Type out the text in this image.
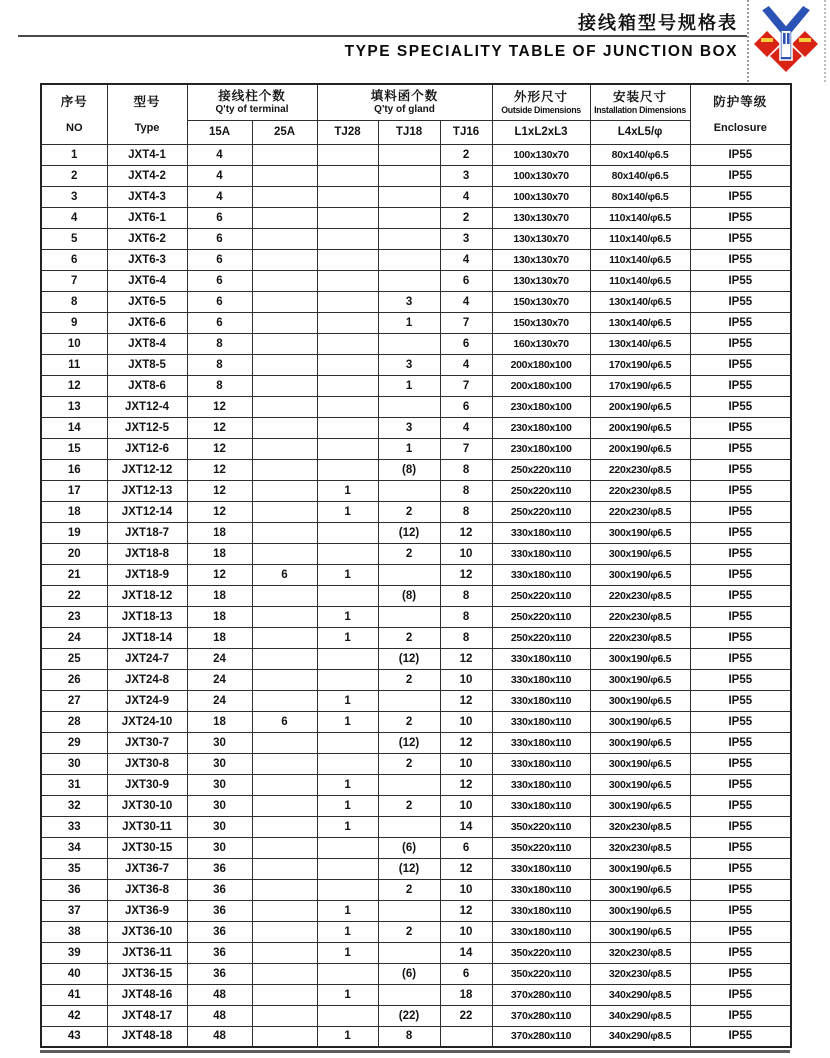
接线箱型号规格表
TYPE SPECIALITY TABLE OF JUNCTION BOX
序号
NO

型号
Type

接线柱个数
Q'ty of terminal

填料函个数
Q'ty of gland

外形尺寸
Outside Dimensions

安装尺寸
Installation Dimensions

防护等级
Enclosure

		15A	25A	TJ28	TJ18	TJ16	L1xL2xL3	L4xL5/φ	
1	JXT4-1	4				2	100x130x70	80x140/φ6.5	IP55
2	JXT4-2	4				3	100x130x70	80x140/φ6.5	IP55
3	JXT4-3	4				4	100x130x70	80x140/φ6.5	IP55
4	JXT6-1	6				2	130x130x70	110x140/φ6.5	IP55
5	JXT6-2	6				3	130x130x70	110x140/φ6.5	IP55
6	JXT6-3	6				4	130x130x70	110x140/φ6.5	IP55
7	JXT6-4	6				6	130x130x70	110x140/φ6.5	IP55
8	JXT6-5	6			3	4	150x130x70	130x140/φ6.5	IP55
9	JXT6-6	6			1	7	150x130x70	130x140/φ6.5	IP55
10	JXT8-4	8				6	160x130x70	130x140/φ6.5	IP55
11	JXT8-5	8			3	4	200x180x100	170x190/φ6.5	IP55
12	JXT8-6	8			1	7	200x180x100	170x190/φ6.5	IP55
13	JXT12-4	12				6	230x180x100	200x190/φ6.5	IP55
14	JXT12-5	12			3	4	230x180x100	200x190/φ6.5	IP55
15	JXT12-6	12			1	7	230x180x100	200x190/φ6.5	IP55
16	JXT12-12	12			(8)	8	250x220x110	220x230/φ8.5	IP55
17	JXT12-13	12		1		8	250x220x110	220x230/φ8.5	IP55
18	JXT12-14	12		1	2	8	250x220x110	220x230/φ8.5	IP55
19	JXT18-7	18			(12)	12	330x180x110	300x190/φ6.5	IP55
20	JXT18-8	18			2	10	330x180x110	300x190/φ6.5	IP55
21	JXT18-9	12	6	1		12	330x180x110	300x190/φ6.5	IP55
22	JXT18-12	18			(8)	8	250x220x110	220x230/φ8.5	IP55
23	JXT18-13	18		1		8	250x220x110	220x230/φ8.5	IP55
24	JXT18-14	18		1	2	8	250x220x110	220x230/φ8.5	IP55
25	JXT24-7	24			(12)	12	330x180x110	300x190/φ6.5	IP55
26	JXT24-8	24			2	10	330x180x110	300x190/φ6.5	IP55
27	JXT24-9	24		1		12	330x180x110	300x190/φ6.5	IP55
28	JXT24-10	18	6	1	2	10	330x180x110	300x190/φ6.5	IP55
29	JXT30-7	30			(12)	12	330x180x110	300x190/φ6.5	IP55
30	JXT30-8	30			2	10	330x180x110	300x190/φ6.5	IP55
31	JXT30-9	30		1		12	330x180x110	300x190/φ6.5	IP55
32	JXT30-10	30		1	2	10	330x180x110	300x190/φ6.5	IP55
33	JXT30-11	30		1		14	350x220x110	320x230/φ8.5	IP55
34	JXT30-15	30			(6)	6	350x220x110	320x230/φ8.5	IP55
35	JXT36-7	36			(12)	12	330x180x110	300x190/φ6.5	IP55
36	JXT36-8	36			2	10	330x180x110	300x190/φ6.5	IP55
37	JXT36-9	36		1		12	330x180x110	300x190/φ6.5	IP55
38	JXT36-10	36		1	2	10	330x180x110	300x190/φ6.5	IP55
39	JXT36-11	36		1		14	350x220x110	320x230/φ8.5	IP55
40	JXT36-15	36			(6)	6	350x220x110	320x230/φ8.5	IP55
41	JXT48-16	48		1		18	370x280x110	340x290/φ8.5	IP55
42	JXT48-17	48			(22)	22	370x280x110	340x290/φ8.5	IP55
43	JXT48-18	48		1	8		370x280x110	340x290/φ8.5	IP55
